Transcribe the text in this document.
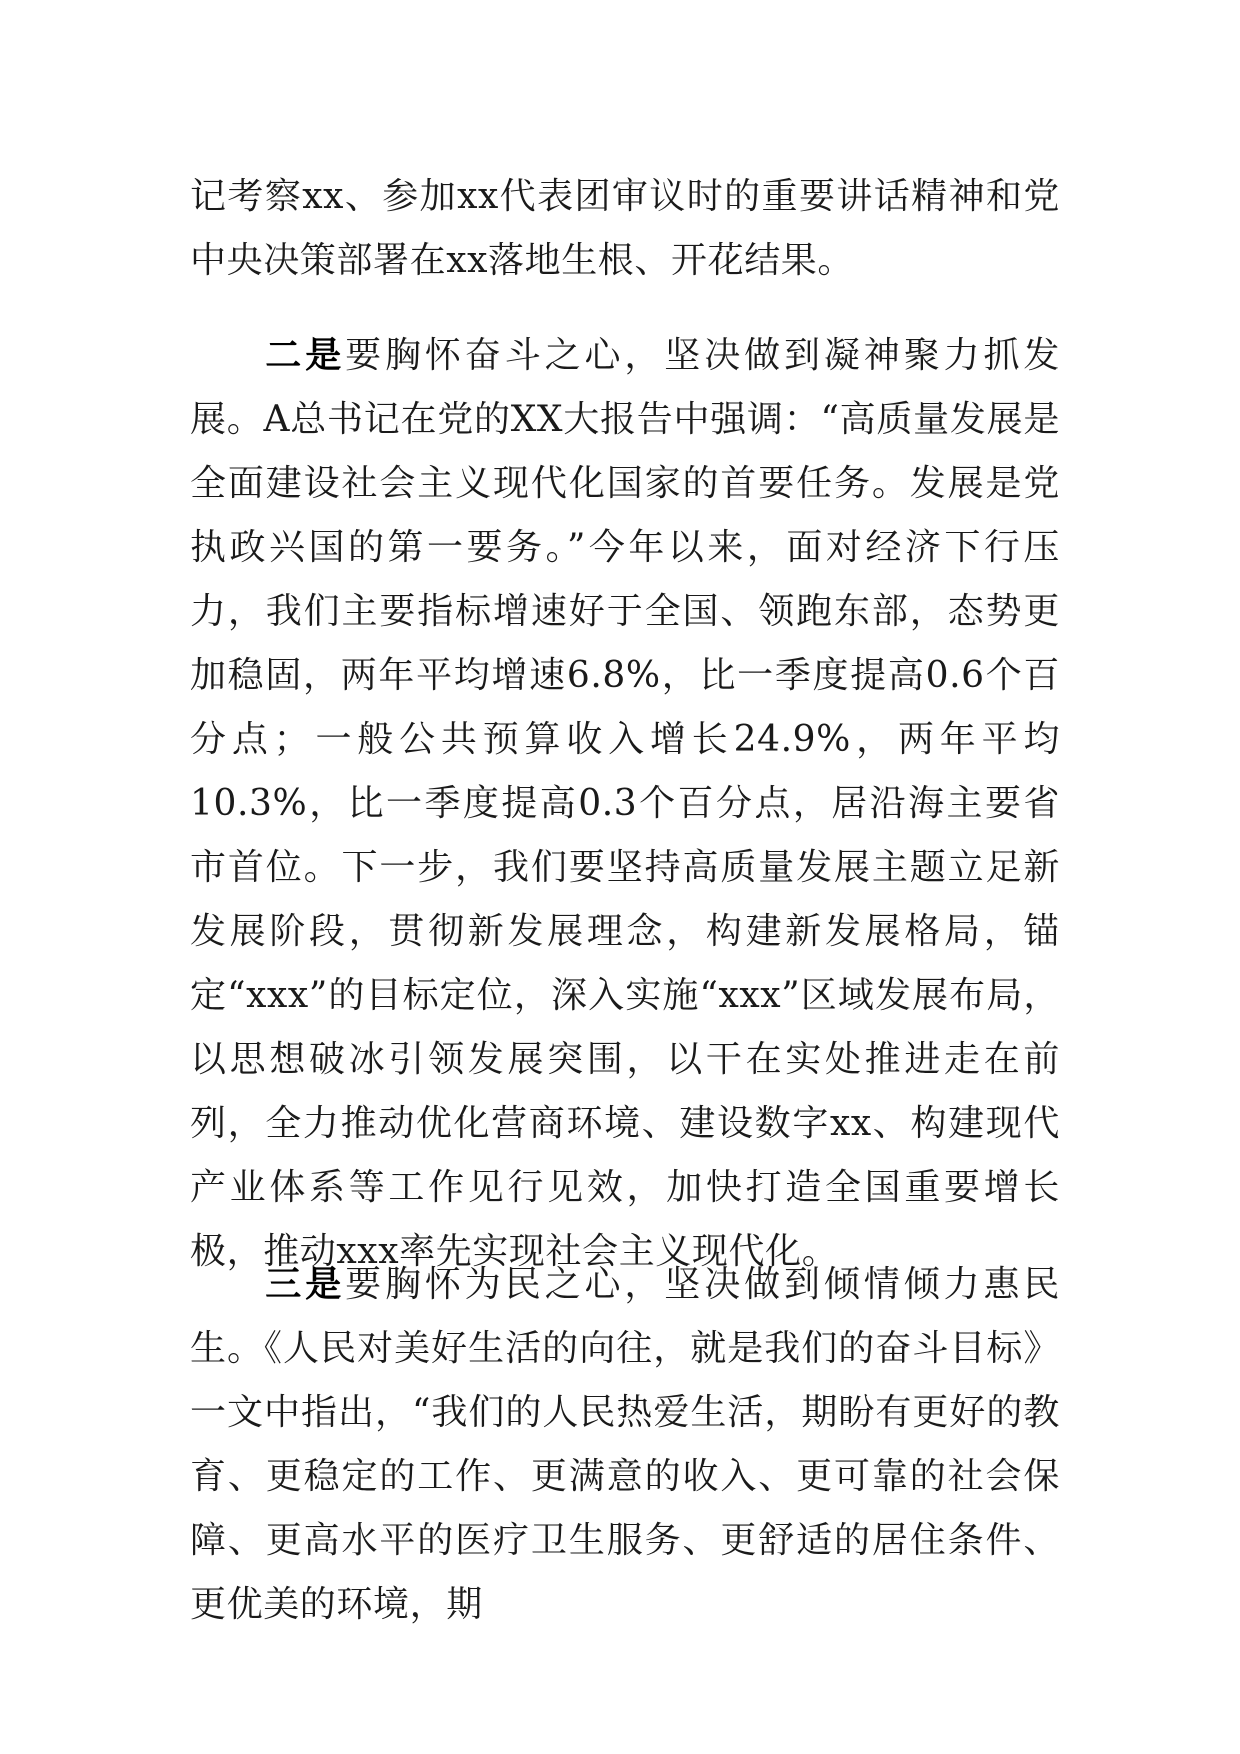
记考察xx、参加xx代表团审议时的重要讲话精神和党中央决策部署在xx落地生根、开花结果。
二是要胸怀奋斗之心，坚决做到凝神聚力抓发展。A总书记在党的XX大报告中强调：“高质量发展是全面建设社会主义现代化国家的首要任务。发展是党执政兴国的第一要务。”今年以来，面对经济下行压力，我们主要指标增速好于全国、领跑东部，态势更加稳固，两年平均增速6.8%，比一季度提高0.6个百分点；一般公共预算收入增长24.9%，两年平均10.3%，比一季度提高0.3个百分点，居沿海主要省市首位。下一步，我们要坚持高质量发展主题立足新发展阶段，贯彻新发展理念，构建新发展格局，锚定“xxx”的目标定位，深入实施“xxx”区域发展布局，以思想破冰引领发展突围，以干在实处推进走在前列，全力推动优化营商环境、建设数字xx、构建现代产业体系等工作见行见效，加快打造全国重要增长极，推动xxx率先实现社会主义现代化。
三是要胸怀为民之心，坚决做到倾情倾力惠民生。《人民对美好生活的向往，就是我们的奋斗目标》一文中指出，“我们的人民热爱生活，期盼有更好的教育、更稳定的工作、更满意的收入、更可靠的社会保障、更高水平的医疗卫生服务、更舒适的居住条件、更优美的环境，期
